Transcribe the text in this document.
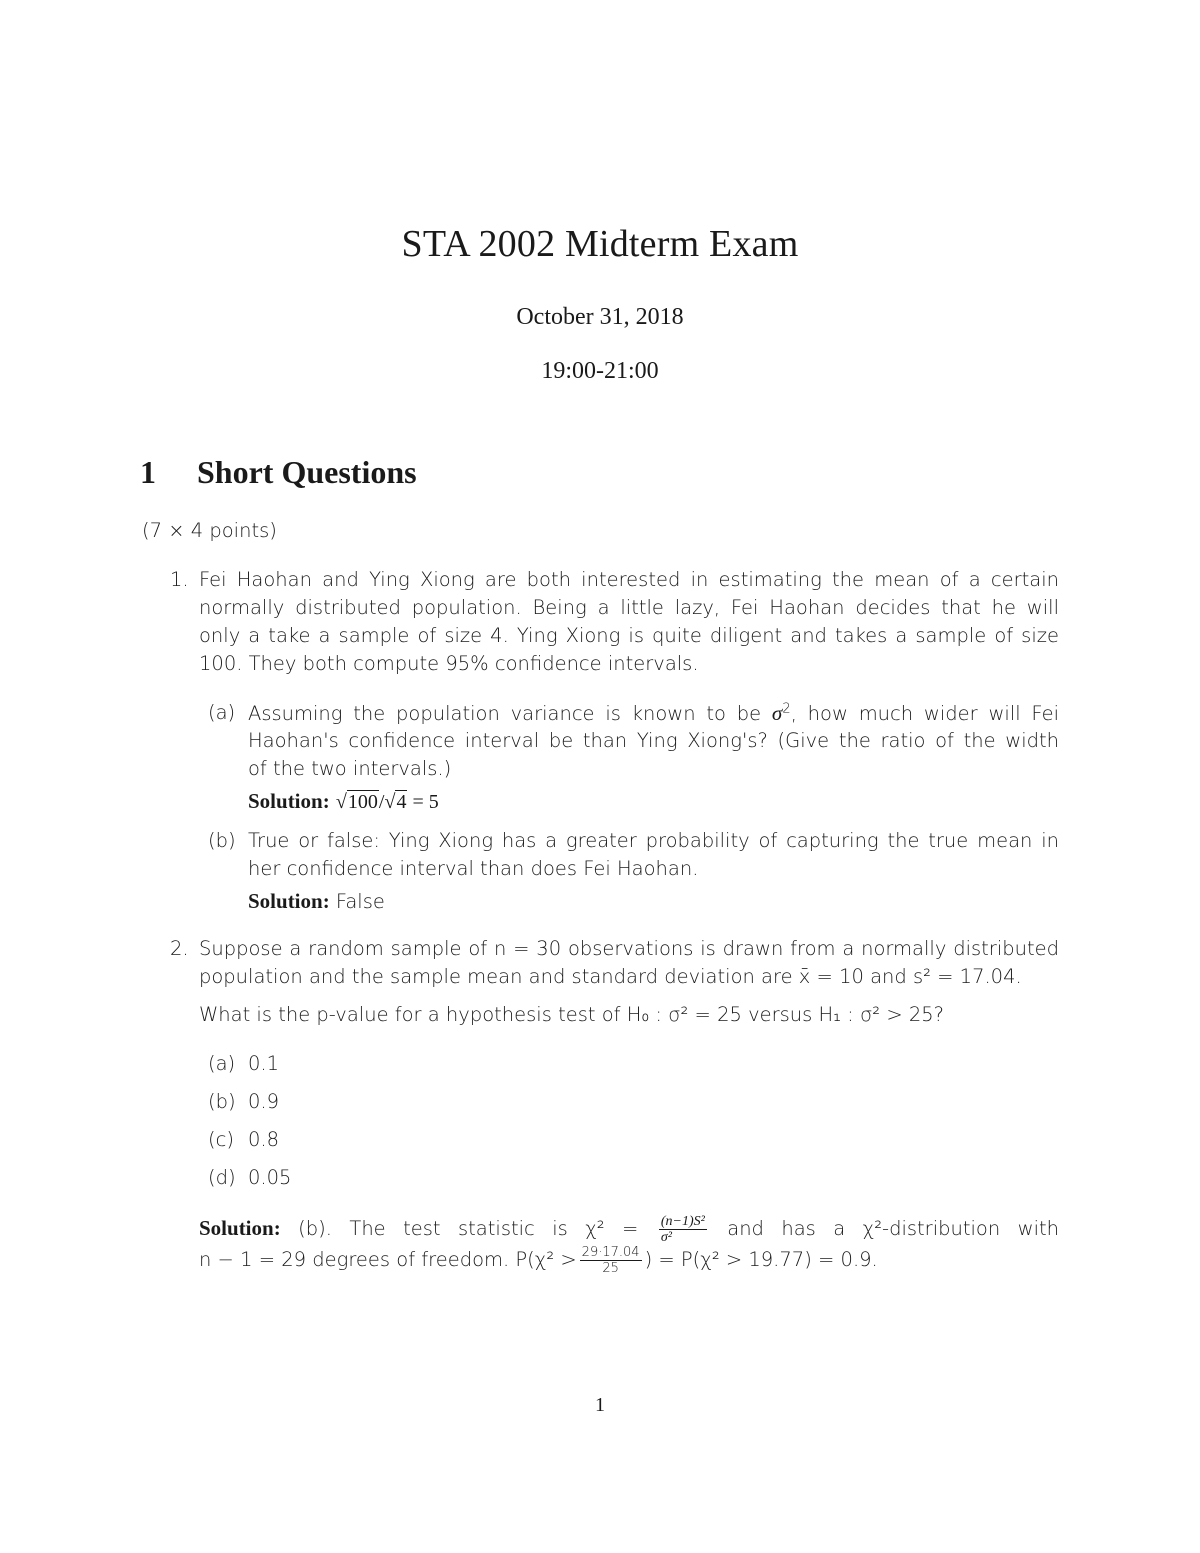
STA 2002 Midterm Exam
October 31, 2018
19:00-21:00
1 Short Questions
(7 × 4 points)
1. Fei Haohan and Ying Xiong are both interested in estimating the mean of a certain
normally distributed population. Being a little lazy, Fei Haohan decides that he will
only a take a sample of size 4. Ying Xiong is quite diligent and takes a sample of size
100. They both compute 95% confidence intervals.
(a) Assuming the population variance is known to be $\sigma^2$, how much wider will Fei
Haohan's confidence interval be than Ying Xiong's? (Give the ratio of the width
of the two intervals.)
Solution: √100/√4 = 5
(b) True or false: Ying Xiong has a greater probability of capturing the true mean in
her confidence interval than does Fei Haohan.
Solution: False
2. Suppose a random sample of n = 30 observations is drawn from a normally distributed
population and the sample mean and standard deviation are x̄ = 10 and s² = 17.04.
What is the p-value for a hypothesis test of H₀ : σ² = 25 versus H₁ : σ² > 25?
(a) 0.1
(b) 0.9
(c) 0.8
(d) 0.05
Solution: (b). The test statistic is $\chi^2 = \frac{\text{(n−1)S²}}{\text{σ²}}$ and has a χ²-distribution with
n − 1 = 29 degrees of freedom. $P(\chi^2 > \frac{29\cdot 17.04}{25}$ ) = P(χ² > 19.77) = 0.9.
1
